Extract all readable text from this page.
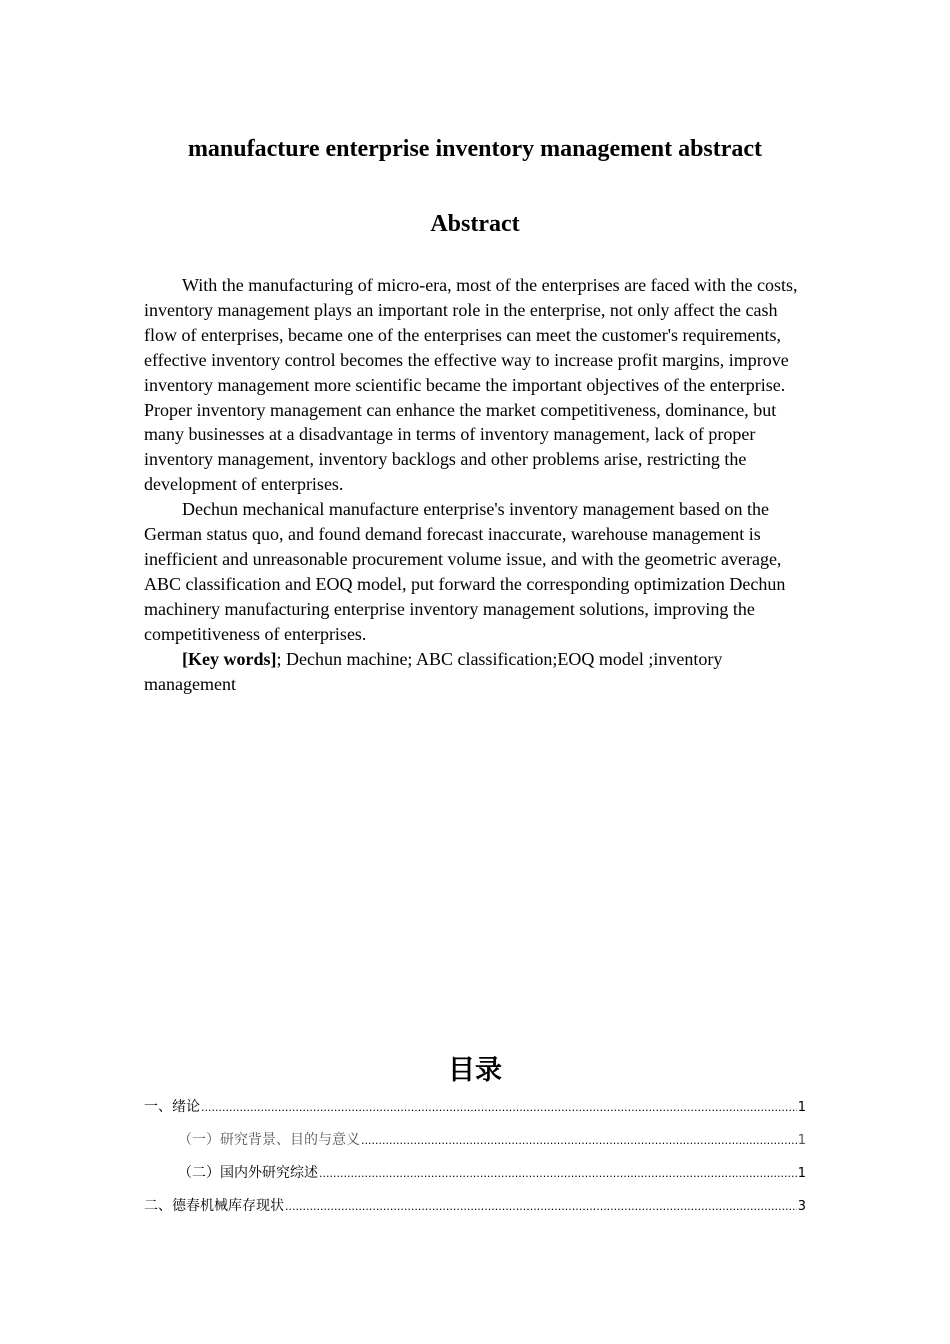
manufacture enterprise inventory management abstract
Abstract

With the manufacturing of micro-era, most of the enterprises are faced with the costs, inventory management plays an important role in the enterprise, not only affect the cash flow of enterprises, became one of the enterprises can meet the customer's requirements, effective inventory control becomes the effective way to increase profit margins, improve inventory management more scientific became the important objectives of the enterprise. Proper inventory management can enhance the market competitiveness, dominance, but many businesses at a disadvantage in terms of inventory management, lack of proper inventory management, inventory backlogs and other problems arise, restricting the development of enterprises.

Dechun mechanical manufacture enterprise's inventory management based on the German status quo, and found demand forecast inaccurate, warehouse management is inefficient and unreasonable procurement volume issue, and with the geometric average, ABC classification and EOQ model, put forward the corresponding optimization Dechun machinery manufacturing enterprise inventory management solutions, improving the competitiveness of enterprises.

[Key words]; Dechun machine; ABC classification;EOQ model ;inventory management

目录
一、绪论 .....	1
（一）研究背景、目的与意义 .....	1
（二）国内外研究综述 .....	1
二、德春机械库存现状 .....	3
